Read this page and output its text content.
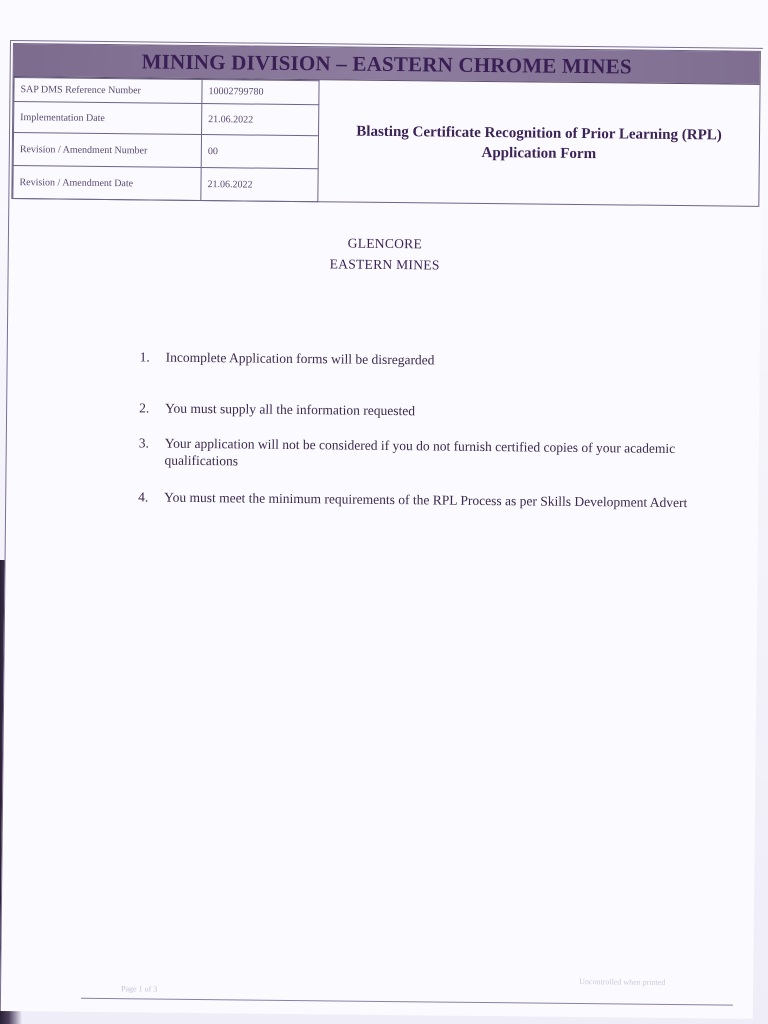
MINING DIVISION – EASTERN CHROME MINES
SAP DMS Reference Number	10002799780
Implementation Date	21.06.2022
Revision / Amendment Number	00
Revision / Amendment Date	21.06.2022
Blasting Certificate Recognition of Prior Learning (RPL) Application Form
GLENCORE
EASTERN MINES
1.	Incomplete Application forms will be disregarded
2.	You must supply all the information requested
3.	Your application will not be considered if you do not furnish certified copies of your academic qualifications
4.	You must meet the minimum requirements of the RPL Process as per Skills Development Advert
Page 1 of 3
Uncontrolled when printed
